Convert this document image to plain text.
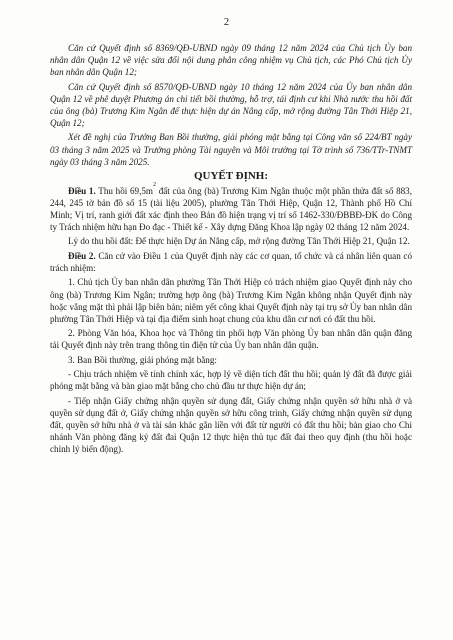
2

Căn cứ Quyết định số 8369/QĐ-UBND ngày 09 tháng 12 năm 2024 của Chủ tịch Ủy ban nhân dân Quận 12 về việc sửa đổi nội dung phân công nhiệm vụ Chủ tịch, các Phó Chủ tịch Ủy ban nhân dân Quận 12;

Căn cứ Quyết định số 8570/QĐ-UBND ngày 10 tháng 12 năm 2024 của Ủy ban nhân dân Quận 12 về phê duyệt Phương án chi tiết bồi thường, hỗ trợ, tái định cư khi Nhà nước thu hồi đất của ông (bà) Trương Kim Ngân để thực hiện dự án Nâng cấp, mở rộng đường Tân Thới Hiệp 21, Quận 12;

Xét đề nghị của Trưởng Ban Bồi thường, giải phóng mặt bằng tại Công văn số 224/BT ngày 03 tháng 3 năm 2025 và Trưởng phòng Tài nguyên và Môi trường tại Tờ trình số 736/TTr-TNMT ngày 03 tháng 3 năm 2025.

QUYẾT ĐỊNH:

Điều 1. Thu hồi $69,5m^2$ đất của ông (bà) Trương Kim Ngân thuộc một phần thửa đất số 883, 244, 245 tờ bản đồ số 15 (tài liệu 2005), phường Tân Thới Hiệp, Quận 12, Thành phố Hồ Chí Minh; Vị trí, ranh giới đất xác định theo Bản đồ hiện trạng vị trí số 1462-330/ĐBBĐ-ĐK do Công ty Trách nhiệm hữu hạn Đo đạc - Thiết kế - Xây dựng Đăng Khoa lập ngày 02 tháng 12 năm 2024.

Lý do thu hồi đất: Để thực hiện Dự án Nâng cấp, mở rộng đường Tân Thới Hiệp 21, Quận 12.

Điều 2. Căn cứ vào Điều 1 của Quyết định này các cơ quan, tổ chức và cá nhân liên quan có trách nhiệm:

1. Chủ tịch Ủy ban nhân dân phường Tân Thới Hiệp có trách nhiệm giao Quyết định này cho ông (bà) Trương Kim Ngân; trường hợp ông (bà) Trương Kim Ngân không nhận Quyết định này hoặc vắng mặt thì phải lập biên bản; niêm yết công khai Quyết định này tại trụ sở Ủy ban nhân dân phường Tân Thới Hiệp và tại địa điểm sinh hoạt chung của khu dân cư nơi có đất thu hồi.

2. Phòng Văn hóa, Khoa học và Thông tin phối hợp Văn phòng Ủy ban nhân dân quận đăng tải Quyết định này trên trang thông tin điện tử của Ủy ban nhân dân quận.

3. Ban Bồi thường, giải phóng mặt bằng:

- Chịu trách nhiệm về tính chính xác, hợp lý về diện tích đất thu hồi; quản lý đất đã được giải phóng mặt bằng và bàn giao mặt bằng cho chủ đầu tư thực hiện dự án;

- Tiếp nhận Giấy chứng nhận quyền sử dụng đất, Giấy chứng nhận quyền sở hữu nhà ở và quyền sử dụng đất ở, Giấy chứng nhận quyền sở hữu công trình, Giấy chứng nhận quyền sử dụng đất, quyền sở hữu nhà ở và tài sản khác gắn liền với đất từ người có đất thu hồi; bàn giao cho Chi nhánh Văn phòng đăng ký đất đai Quận 12 thực hiện thủ tục đất đai theo quy định (thu hồi hoặc chỉnh lý biến động).
